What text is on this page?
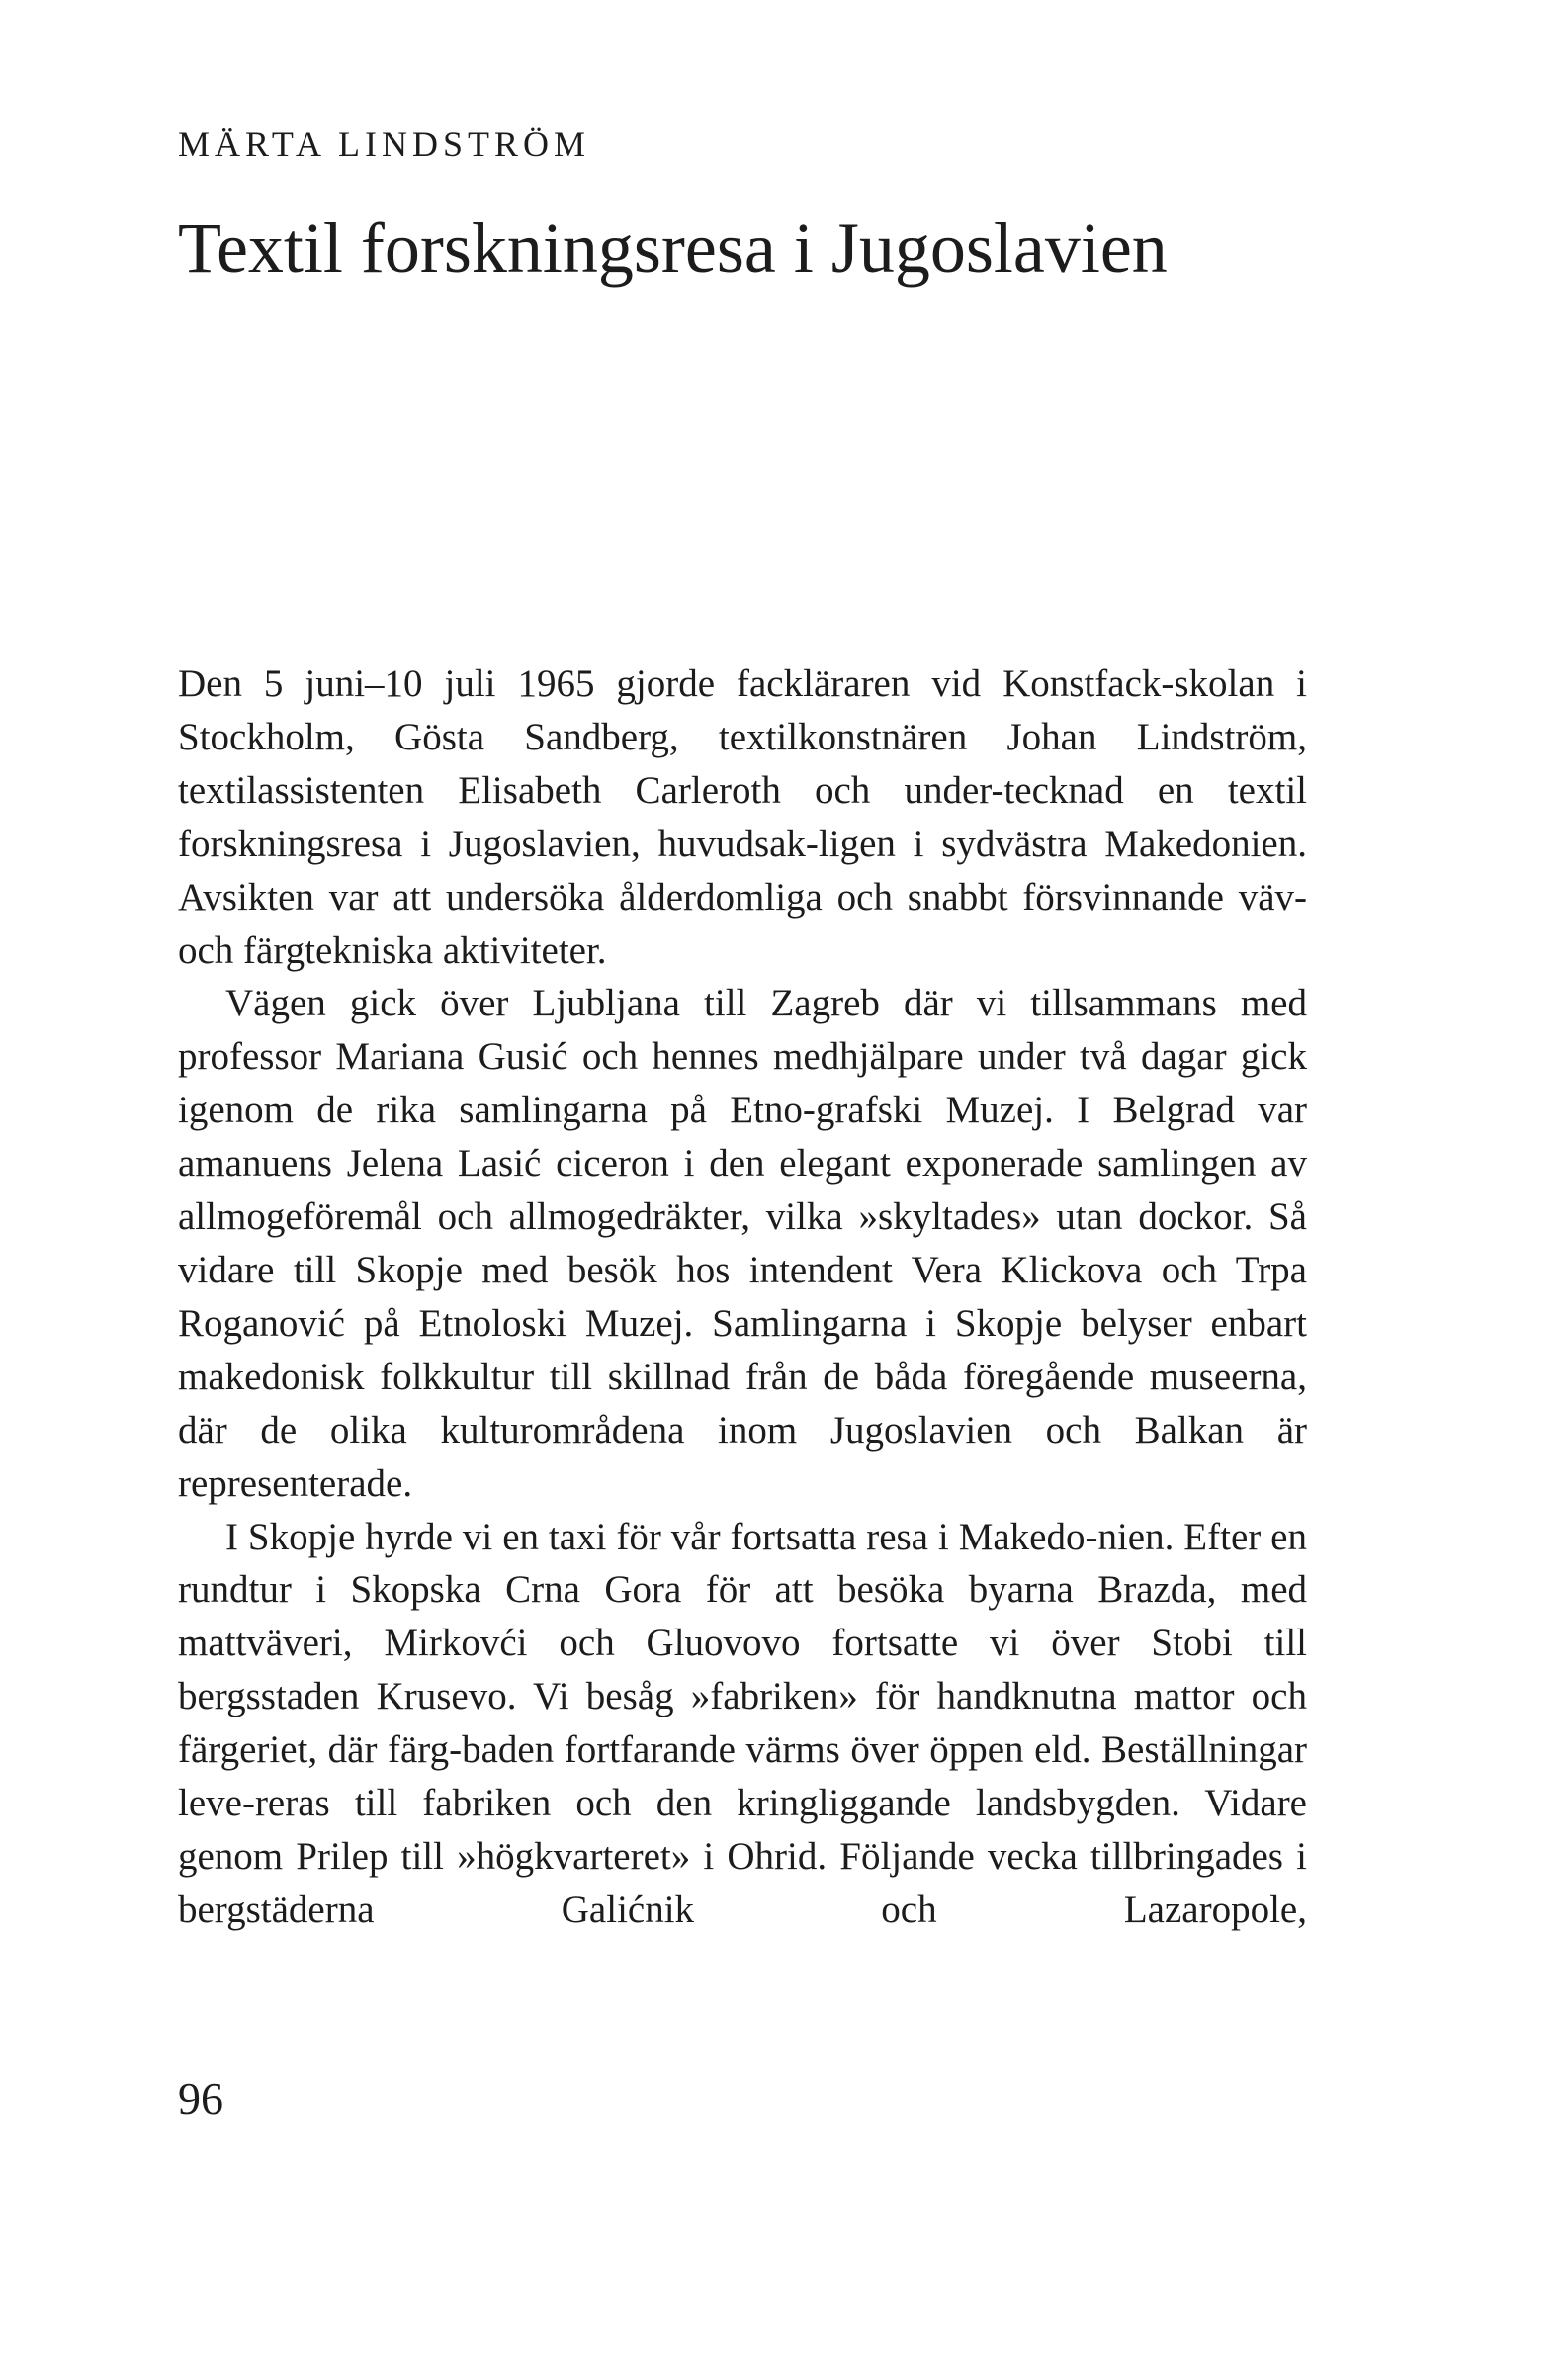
MÄRTA LINDSTRÖM
Textil forskningsresa i Jugoslavien

Den 5 juni–10 juli 1965 gjorde fackläraren vid Konstfack-skolan i Stockholm, Gösta Sandberg, textilkonstnären Johan Lindström, textilassistenten Elisabeth Carleroth och under-tecknad en textil forskningsresa i Jugoslavien, huvudsak-ligen i sydvästra Makedonien. Avsikten var att undersöka ålderdomliga och snabbt försvinnande väv- och färgtekniska aktiviteter.

Vägen gick över Ljubljana till Zagreb där vi tillsammans med professor Mariana Gusić och hennes medhjälpare under två dagar gick igenom de rika samlingarna på Etno-grafski Muzej. I Belgrad var amanuens Jelena Lasić ciceron i den elegant exponerade samlingen av allmogeföremål och allmogedräkter, vilka »skyltades» utan dockor. Så vidare till Skopje med besök hos intendent Vera Klickova och Trpa Roganović på Etnoloski Muzej. Samlingarna i Skopje belyser enbart makedonisk folkkultur till skillnad från de båda föregående museerna, där de olika kulturområdena inom Jugoslavien och Balkan är representerade.

I Skopje hyrde vi en taxi för vår fortsatta resa i Makedo-nien. Efter en rundtur i Skopska Crna Gora för att besöka byarna Brazda, med mattväveri, Mirkovći och Gluovovo fortsatte vi över Stobi till bergsstaden Krusevo. Vi besåg »fabriken» för handknutna mattor och färgeriet, där färg-baden fortfarande värms över öppen eld. Beställningar leve-reras till fabriken och den kringliggande landsbygden. Vidare genom Prilep till »högkvarteret» i Ohrid. Följande vecka tillbringades i bergstäderna Galićnik och Lazaropole,

96
